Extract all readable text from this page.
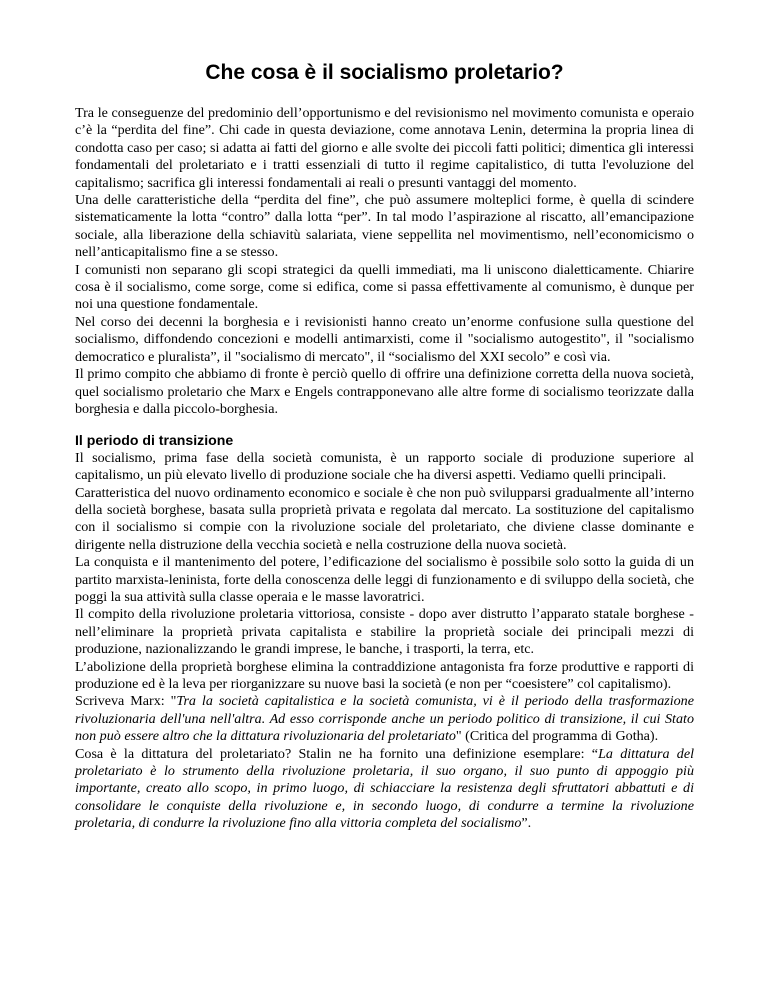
Che cosa è il socialismo proletario?

Tra le conseguenze del predominio dell’opportunismo e del revisionismo nel movimento comunista e operaio c’è la “perdita del fine”. Chi cade in questa deviazione, come annotava Lenin, determina la propria linea di condotta caso per caso; si adatta ai fatti del giorno e alle svolte dei piccoli fatti politici; dimentica gli interessi fondamentali del proletariato e i tratti essenziali di tutto il regime capitalistico, di tutta l'evoluzione del capitalismo; sacrifica gli interessi fondamentali ai reali o presunti vantaggi del momento.

Una delle caratteristiche della “perdita del fine”, che può assumere molteplici forme, è quella di scindere sistematicamente la lotta “contro” dalla lotta “per”. In tal modo l’aspirazione al riscatto, all’emancipazione sociale, alla liberazione della schiavitù salariata, viene seppellita nel movimentismo, nell’economicismo o nell’anticapitalismo fine a se stesso.

I comunisti non separano gli scopi strategici da quelli immediati, ma li uniscono dialetticamente. Chiarire cosa è il socialismo, come sorge, come si edifica, come si passa effettivamente al comunismo, è dunque per noi una questione fondamentale.

Nel corso dei decenni la borghesia e i revisionisti hanno creato un’enorme confusione sulla questione del socialismo, diffondendo concezioni e modelli antimarxisti, come il "socialismo autogestito", il "socialismo democratico e pluralista”, il "socialismo di mercato", il “socialismo del XXI secolo” e così via.

Il primo compito che abbiamo di fronte è perciò quello di offrire una definizione corretta della nuova società, quel socialismo proletario che Marx e Engels contrapponevano alle altre forme di socialismo teorizzate dalla borghesia e dalla piccolo-borghesia.

Il periodo di transizione

Il socialismo, prima fase della società comunista, è un rapporto sociale di produzione superiore al capitalismo, un più elevato livello di produzione sociale che ha diversi aspetti. Vediamo quelli principali.

Caratteristica del nuovo ordinamento economico e sociale è che non può svilupparsi gradualmente all’interno della società borghese, basata sulla proprietà privata e regolata dal mercato. La sostituzione del capitalismo con il socialismo si compie con la rivoluzione sociale del proletariato, che diviene classe dominante e dirigente nella distruzione della vecchia società e nella costruzione della nuova società.

La conquista e il mantenimento del potere, l’edificazione del socialismo è possibile solo sotto la guida di un partito marxista-leninista, forte della conoscenza delle leggi di funzionamento e di sviluppo della società, che poggi la sua attività sulla classe operaia e le masse lavoratrici.

Il compito della rivoluzione proletaria vittoriosa, consiste - dopo aver distrutto l’apparato statale borghese - nell’eliminare la proprietà privata capitalista e stabilire la proprietà sociale dei principali mezzi di produzione, nazionalizzando le grandi imprese, le banche, i trasporti, la terra, etc.

L’abolizione della proprietà borghese elimina la contraddizione antagonista fra forze produttive e rapporti di produzione ed è la leva per riorganizzare su nuove basi la società (e non per “coesistere” col capitalismo).

Scriveva Marx: "Tra la società capitalistica e la società comunista, vi è il periodo della trasformazione rivoluzionaria dell'una nell'altra. Ad esso corrisponde anche un periodo politico di transizione, il cui Stato non può essere altro che la dittatura rivoluzionaria del proletariato" (Critica del programma di Gotha).

Cosa è la dittatura del proletariato? Stalin ne ha fornito una definizione esemplare: “La dittatura del proletariato è lo strumento della rivoluzione proletaria, il suo organo, il suo punto di appoggio più importante, creato allo scopo, in primo luogo, di schiacciare la resistenza degli sfruttatori abbattuti e di consolidare le conquiste della rivoluzione e, in secondo luogo, di condurre a termine la rivoluzione proletaria, di condurre la rivoluzione fino alla vittoria completa del socialismo”.
